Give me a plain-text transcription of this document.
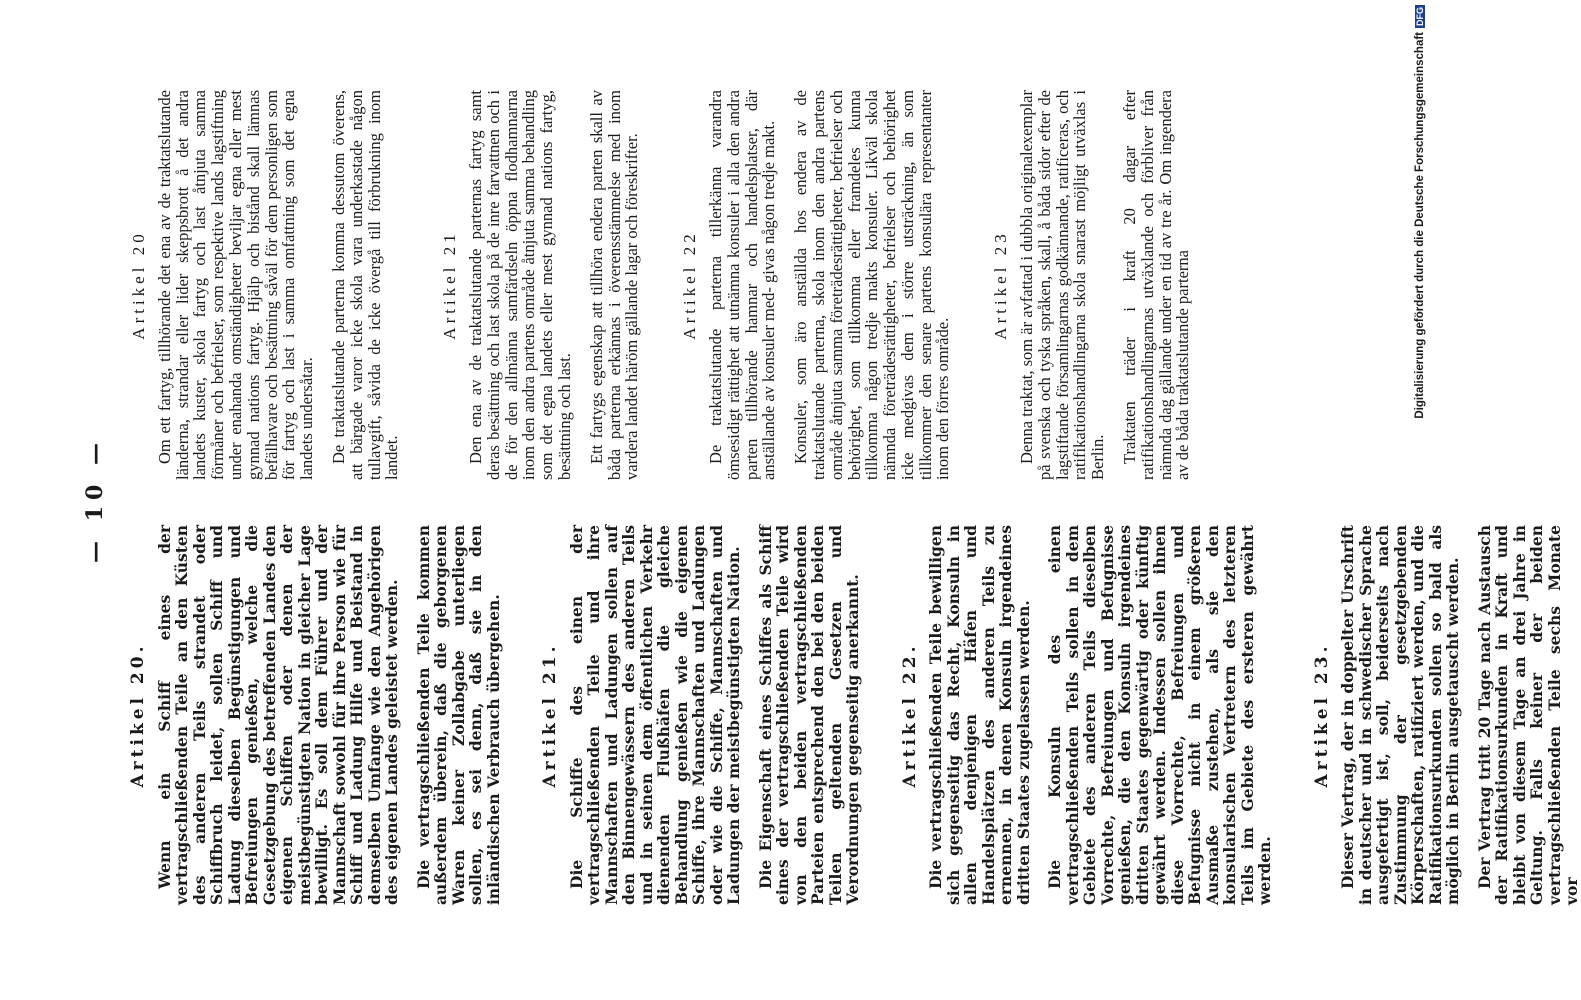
— 10 —
Artikel 20. Wenn ein Schiff eines der vertragschließenden Teile an den Küsten des anderen Teils strandet oder Schiffbruch leidet, sollen Schiff und Ladung dieselben Begünstigungen und Befreiungen genießen, welche die Gesetzgebung des betreffenden Landes den eigenen Schiffen oder denen der meistbegünstigten Nation in gleicher Lage bewilligt. Es soll dem Führer und der Mannschaft sowohl für ihre Person wie für Schiff und Ladung Hilfe und Beistand in demselben Umfange wie den Angehörigen des eigenen Landes geleistet werden. Die vertragschließenden Teile kommen außerdem überein, daß die geborgenen Waren keiner Zollabgabe unterliegen sollen, es sei denn, daß sie in den inländischen Verbrauch übergehen. Artikel 21. Die Schiffe des einen der vertragschließenden Teile und ihre Mannschaften und Ladungen sollen auf den Binnengewässern des anderen Teils und in seinen dem öffentlichen Verkehr dienenden Flußhäfen die gleiche Behandlung genießen wie die eigenen Schiffe, ihre Mannschaften und Ladungen oder wie die Schiffe, Mannschaften und Ladungen der meistbegünstigten Nation. Die Eigenschaft eines Schiffes als Schiff eines der vertragschließenden Teile wird von den beiden vertragschließenden Parteien entsprechend den bei den beiden Teilen geltenden Gesetzen und Verordnungen gegenseitig anerkannt. Artikel 22. Die vertragschließenden Teile bewilligen sich gegenseitig das Recht, Konsuln in allen denjenigen Häfen und Handelsplätzen des anderen Teils zu ernennen, in denen Konsuln irgendeines dritten Staates zugelassen werden. Die Konsuln des einen vertragschließenden Teils sollen in dem Gebiete des anderen Teils dieselben Vorrechte, Befreiungen und Befugnisse genießen, die den Konsuln irgendeines dritten Staates gegenwärtig oder künftig gewährt werden. Indessen sollen ihnen diese Vorrechte, Befreiungen und Befugnisse nicht in einem größeren Ausmaße zustehen, als sie den konsularischen Vertretern des letzteren Teils im Gebiete des ersteren gewährt werden.

Artikel 23. Dieser Vertrag, der in doppelter Urschrift in deutscher und in schwedischer Sprache ausgefertigt ist, soll, beiderseits nach Zustimmung der gesetzgebenden Körperschaften, ratifiziert werden, und die Ratifikationsurkunden sollen so bald als möglich in Berlin ausgetauscht werden. Der Vertrag tritt 20 Tage nach Austausch der Ratifikationsurkunden in Kraft und bleibt von diesem Tage an drei Jahre in Geltung. Falls keiner der beiden vertragschließenden Teile sechs Monate vor

Artikel 20 Om ett fartyg, tillhörande det ena av de traktatslutande länderna, strandar eller lider skeppsbrott å det andra landets kuster, skola fartyg och last åtnjuta samma förmåner och befrielser, som respektive lands lagstiftning under enahanda omständigheter beviljar egna eller mest gynnad nations fartyg. Hjälp och bistånd skall lämnas befälhavare och besättning såväl för dem personligen som för fartyg och last i samma omfattning som det egna landets undersåtar. De traktatslutande parterna komma dessutom överens, att bärgade varor icke skola vara underkastade någon tullavgift, såvida de icke övergå till förbrukning inom landet.

Artikel 21 Den ena av de traktatslutande parternas fartyg samt deras besättning och last skola på de inre farvattnen och i de för den allmänna samfärdseln öppna flodhamnarna inom den andra partens område åtnjuta samma behandling som det egna landets eller mest gynnad nations fartyg, besättning och last. Ett fartygs egenskap att tillhöra endera parten skall av båda parterna erkännas i överensstämmelse med inom vardera landet häröm gällande lagar och föreskrifter. Artikel 22 De traktatslutande parterna tillerkänna varandra ömsesidigt rättighet att utnämna konsuler i alla den andra parten tillhörande hamnar och handelsplatser, där anställande av konsuler med- givas någon tredje makt. Konsuler, som äro anställda hos endera av de traktatslutande parterna, skola inom den andra partens område åtnjuta samma företrädesrättigheter, befrielser och behörighet, som tillkomma eller framdeles kunna tillkomma någon tredje makts konsuler. Likväl skola nämnda företrädesrättigheter, befrielser och behörighet icke medgivas dem i större utsträckning, än som tillkommer den senare partens konsulära representanter inom den förres område.

Artikel 23 Denna traktat, som är avfattad i dubbla originalexemplar på svenska och tyska språken, skall, å båda sidor efter de lagstiftande församlingarnas godkännande, ratificeras, och ratifikationshandlingarna skola snarast möjligt utväxlas i Berlin. Traktaten träder i kraft 20 dagar efter ratifikationshandlingarnas utväxlande och förbliver från nämnda dag gällande under en tid av tre år. Om ingendera av de båda traktatslutande parterna	Digitalisierung gefördert durch die Deutsche ForschungsgemeinschaftDFG
